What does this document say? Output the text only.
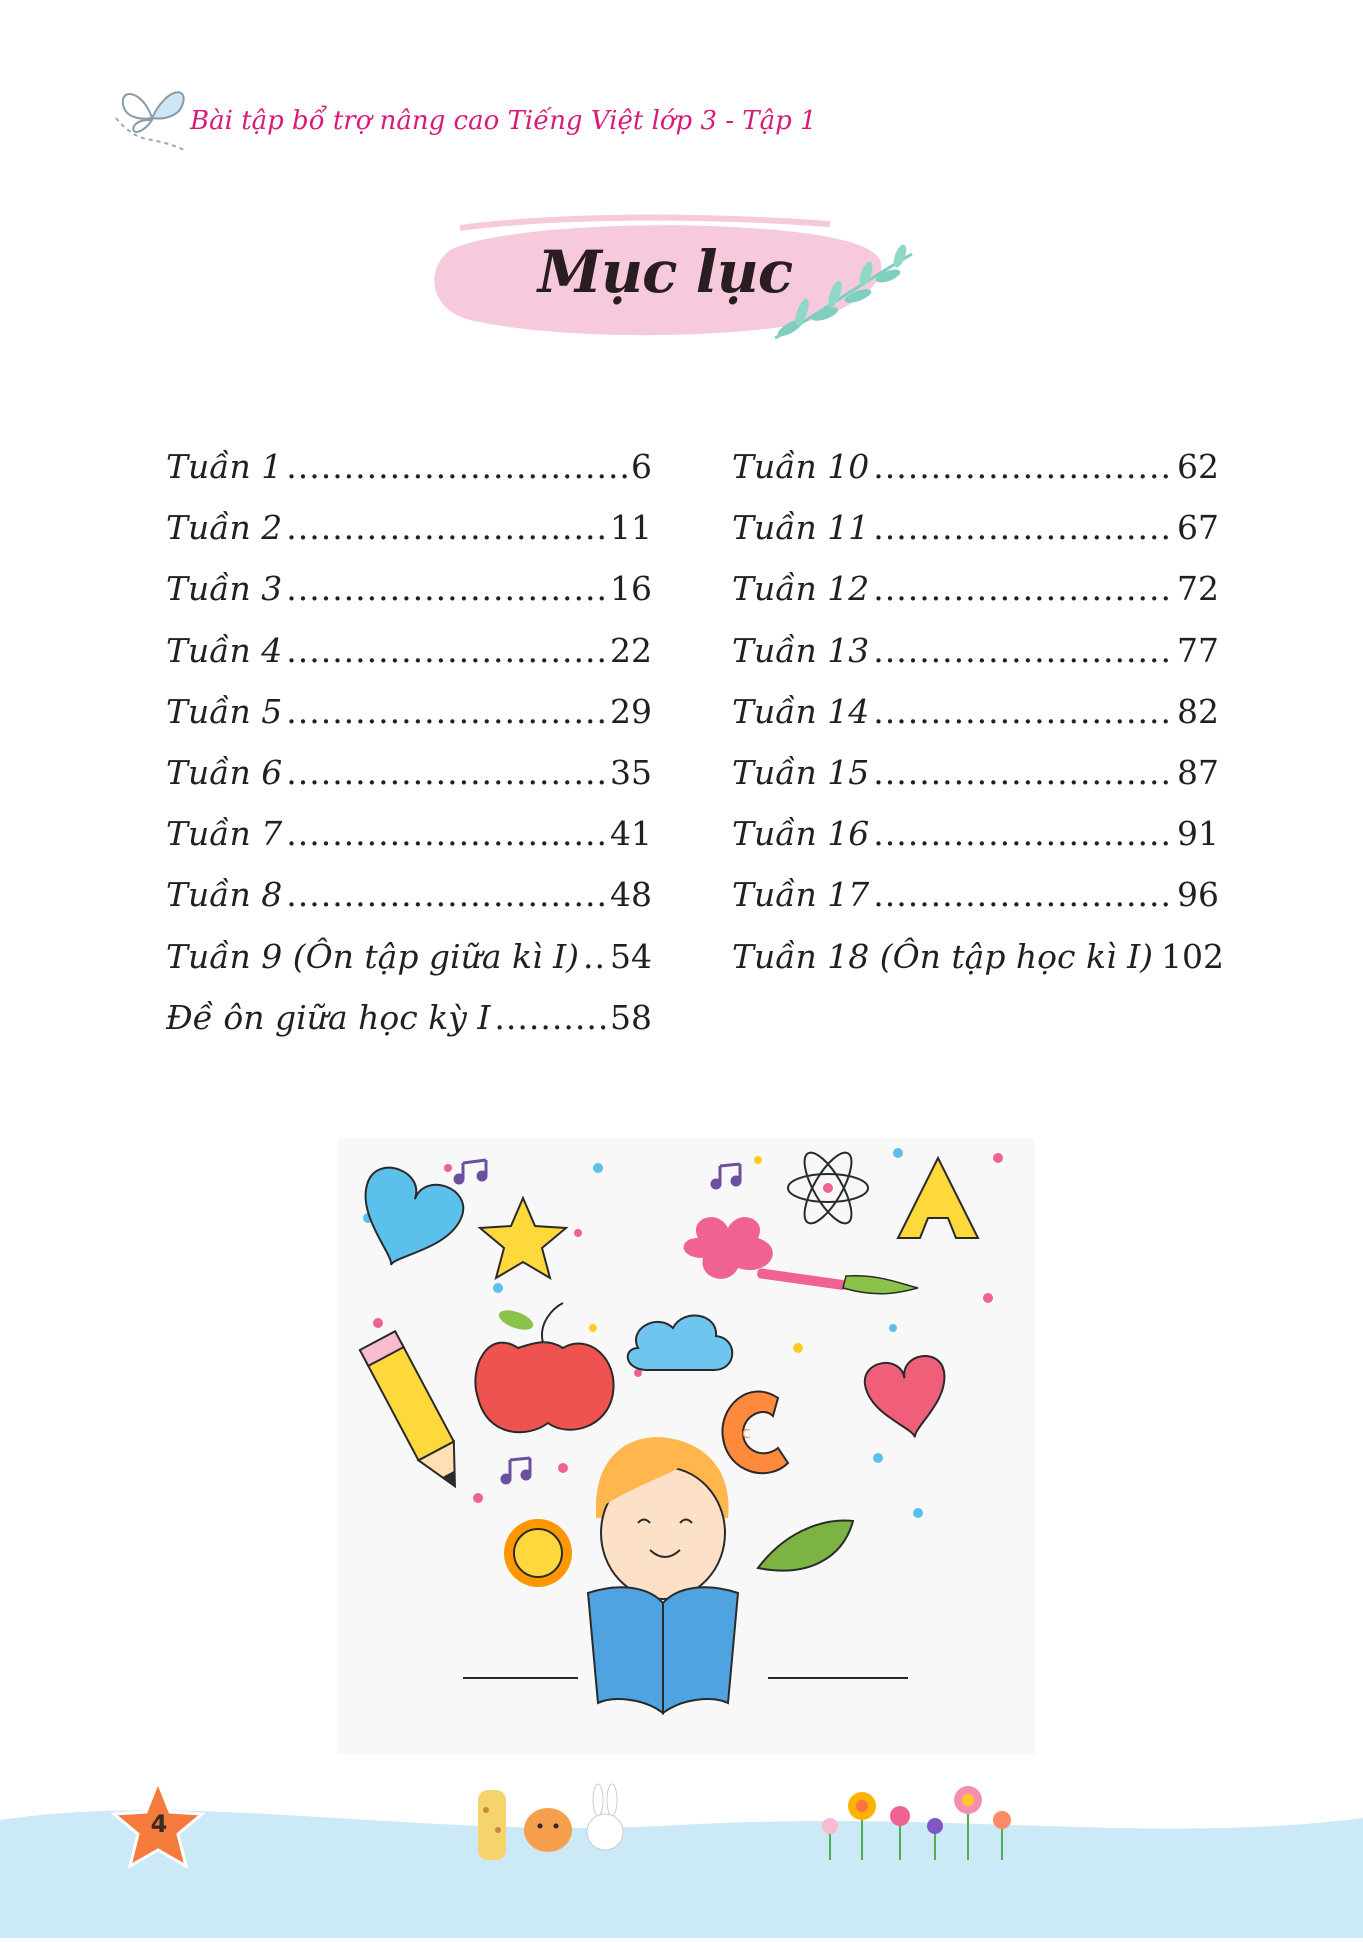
Bài tập bổ trợ nâng cao Tiếng Việt lớp 3 - Tập 1
Mục lục
Tuần 1 .....	6
Tuần 2 .....	11
Tuần 3 .....	16
Tuần 4 .....	22
Tuần 5 .....	29
Tuần 6 .....	35
Tuần 7 .....	41
Tuần 8 .....	48
Tuần 9 (Ôn tập giữa kì I) ..... 54
Đề ôn giữa học kỳ I .....	58
Tuần 10 .....	62
Tuần 11 .....	67
Tuần 12 .....	72
Tuần 13 .....	77
Tuần 14 .....	82
Tuần 15 .....	87
Tuần 16 .....	91
Tuần 17 .....	96
Tuần 18 (Ôn tập học kì I) 102
A
C
4
